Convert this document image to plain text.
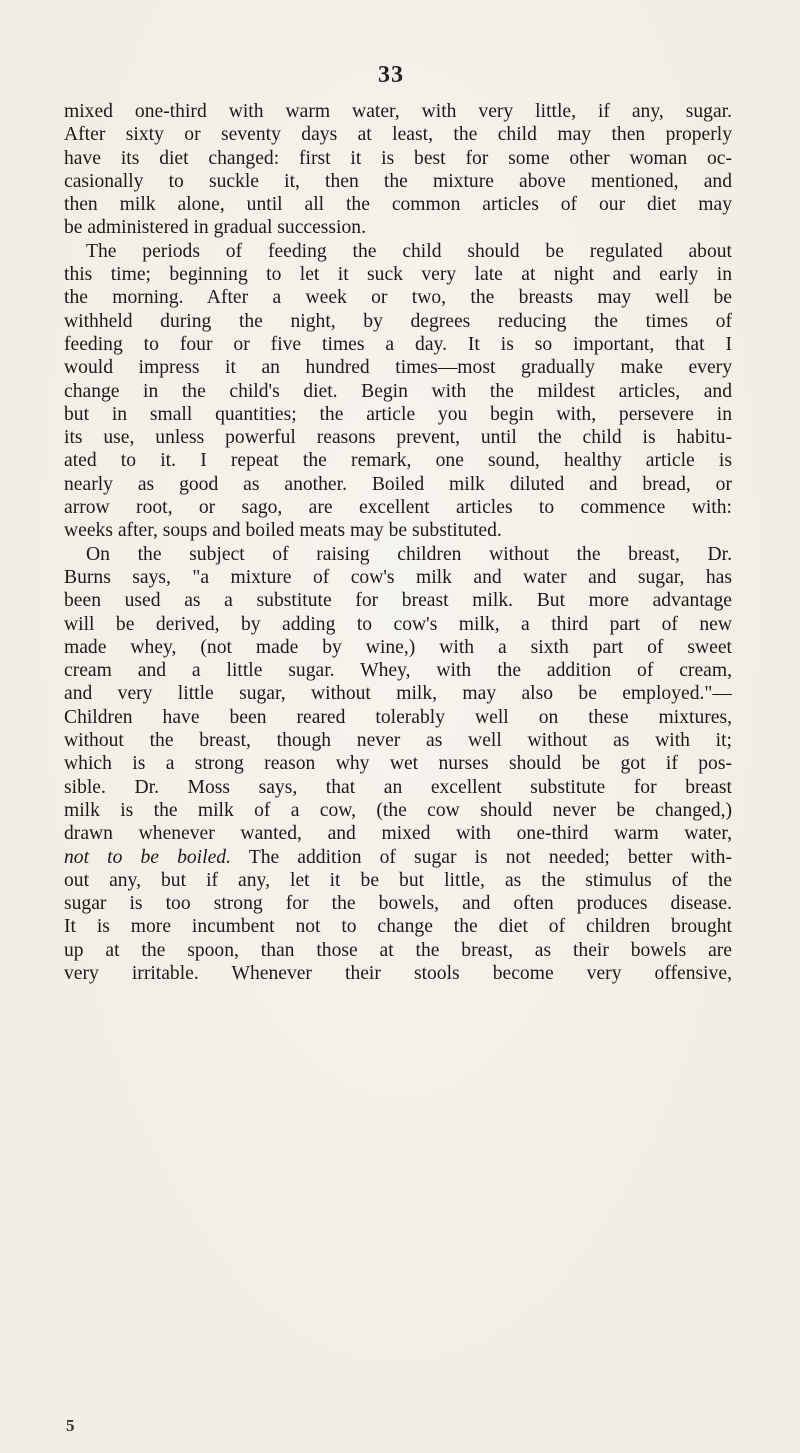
33
mixed one-third with warm water, with very little, if any, sugar.
After sixty or seventy days at least, the child may then properly
have its diet changed: first it is best for some other woman oc-
casionally to suckle it, then the mixture above mentioned, and
then milk alone, until all the common articles of our diet may
be administered in gradual succession.
The periods of feeding the child should be regulated about
this time; beginning to let it suck very late at night and early in
the morning. After a week or two, the breasts may well be
withheld during the night, by degrees reducing the times of
feeding to four or five times a day. It is so important, that I
would impress it an hundred times—most gradually make every
change in the child's diet. Begin with the mildest articles, and
but in small quantities; the article you begin with, persevere in
its use, unless powerful reasons prevent, until the child is habitu-
ated to it. I repeat the remark, one sound, healthy article is
nearly as good as another. Boiled milk diluted and bread, or
arrow root, or sago, are excellent articles to commence with:
weeks after, soups and boiled meats may be substituted.
On the subject of raising children without the breast, Dr.
Burns says, "a mixture of cow's milk and water and sugar, has
been used as a substitute for breast milk. But more advantage
will be derived, by adding to cow's milk, a third part of new
made whey, (not made by wine,) with a sixth part of sweet
cream and a little sugar. Whey, with the addition of cream,
and very little sugar, without milk, may also be employed."—
Children have been reared tolerably well on these mixtures,
without the breast, though never as well without as with it;
which is a strong reason why wet nurses should be got if pos-
sible. Dr. Moss says, that an excellent substitute for breast
milk is the milk of a cow, (the cow should never be changed,)
drawn whenever wanted, and mixed with one-third warm water,
not to be boiled. The addition of sugar is not needed; better with-
out any, but if any, let it be but little, as the stimulus of the
sugar is too strong for the bowels, and often produces disease.
It is more incumbent not to change the diet of children brought
up at the spoon, than those at the breast, as their bowels are
very irritable. Whenever their stools become very offensive,
5
